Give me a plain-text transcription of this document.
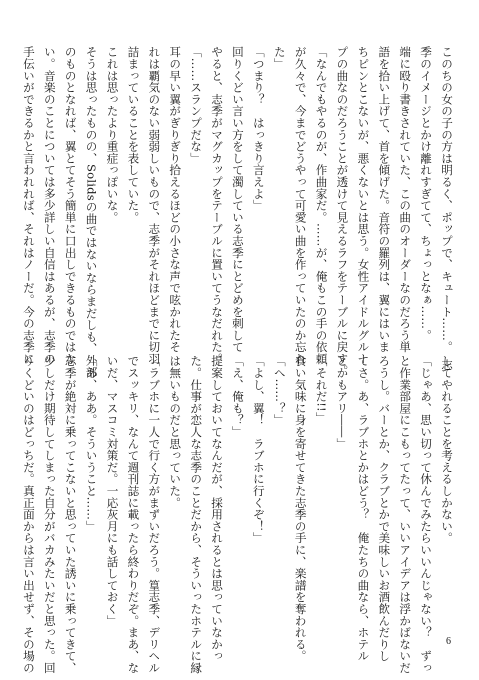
このちの女の子の方は明るく、ポップで、キュート……。　志

季のイメージとかけ離れすぎてて、ちょっとなぁ……。

端に殴り書きされていた、この曲のオーダーなのだろう単

語を拾い上げて、首を傾げた。音符の羅列は、翼にはいま

ちピンとこないが、悪くないとは思う。女性アイドルグルー

プの曲なのだろうことが透けて見えるラフをテーブルに戻す。

「なんでもやるのが、作曲家だ。……が、俺もこの手の依頼

が久々で、今までどうやって可愛い曲を作っていたのか忘れ

た」

「つまり？　はっきり言えよ」

回りくどい言い方をして濁している志季にとどめを刺して

やると、志季がマグカップをテーブルに置いてうなだれた。

「……スランプだな」

耳の早い翼がぎりぎり拾えるほどの小さな声で呟かれたそ

れは覇気のない弱弱しいもので、志季がそれほどまでに切羽

詰まっていることを表していた。

これは思ったより重症っぽいな。

そうは思ったものの、Solidsの曲ではないならまだしも、外部

のものとなれば、翼とてそう簡単に口出しできるものではな

い。音楽のことについては多少詳しい自信はあるが、志季の

手伝いができるかと言われれば、それはノーだ。今の志季に

してやれることを考えるしかない。

「じゃあ、思い切って休んでみたらいいんじゃない？　ずっ

と作業部屋にこもってたって、いいアイデアは浮かばないだ

ろうし。バーとか、クラブとかで美味しいお酒飲んだりし

てさ。あ、ラブホとかはどう？　俺たちの曲なら、ホテル

とかもアリ――」

「それだ!!」

食い気味に身を寄せてきた志季の手に、楽譜を奪われる。

「へ……？」

「よし、翼！　ラブホに行くぞ！」

「え、俺も？」

提案しておいてなんだが、採用されるとは思っていなかっ

た。仕事が恋人な志季のことだから、そういったホテルに縁

は無いものだと思っていた。

「ラブホに一人で行く方がまずいだろう。篁志季、デリヘル

でスッキリ、なんて週刊誌に載ったら終わりだぞ。まあ、な

いだ、マスコミ対策だ。一応灰月にも話しておく」

「あ、ああ。そういうこと……」

志季が絶対に乗ってこないと思っていた誘いに乗ってきて、

少しだけ期待してしまった自分がバカみたいだと思った。回

りくどいのはどっちだ。真正面からは言い出せず、その場の	6
